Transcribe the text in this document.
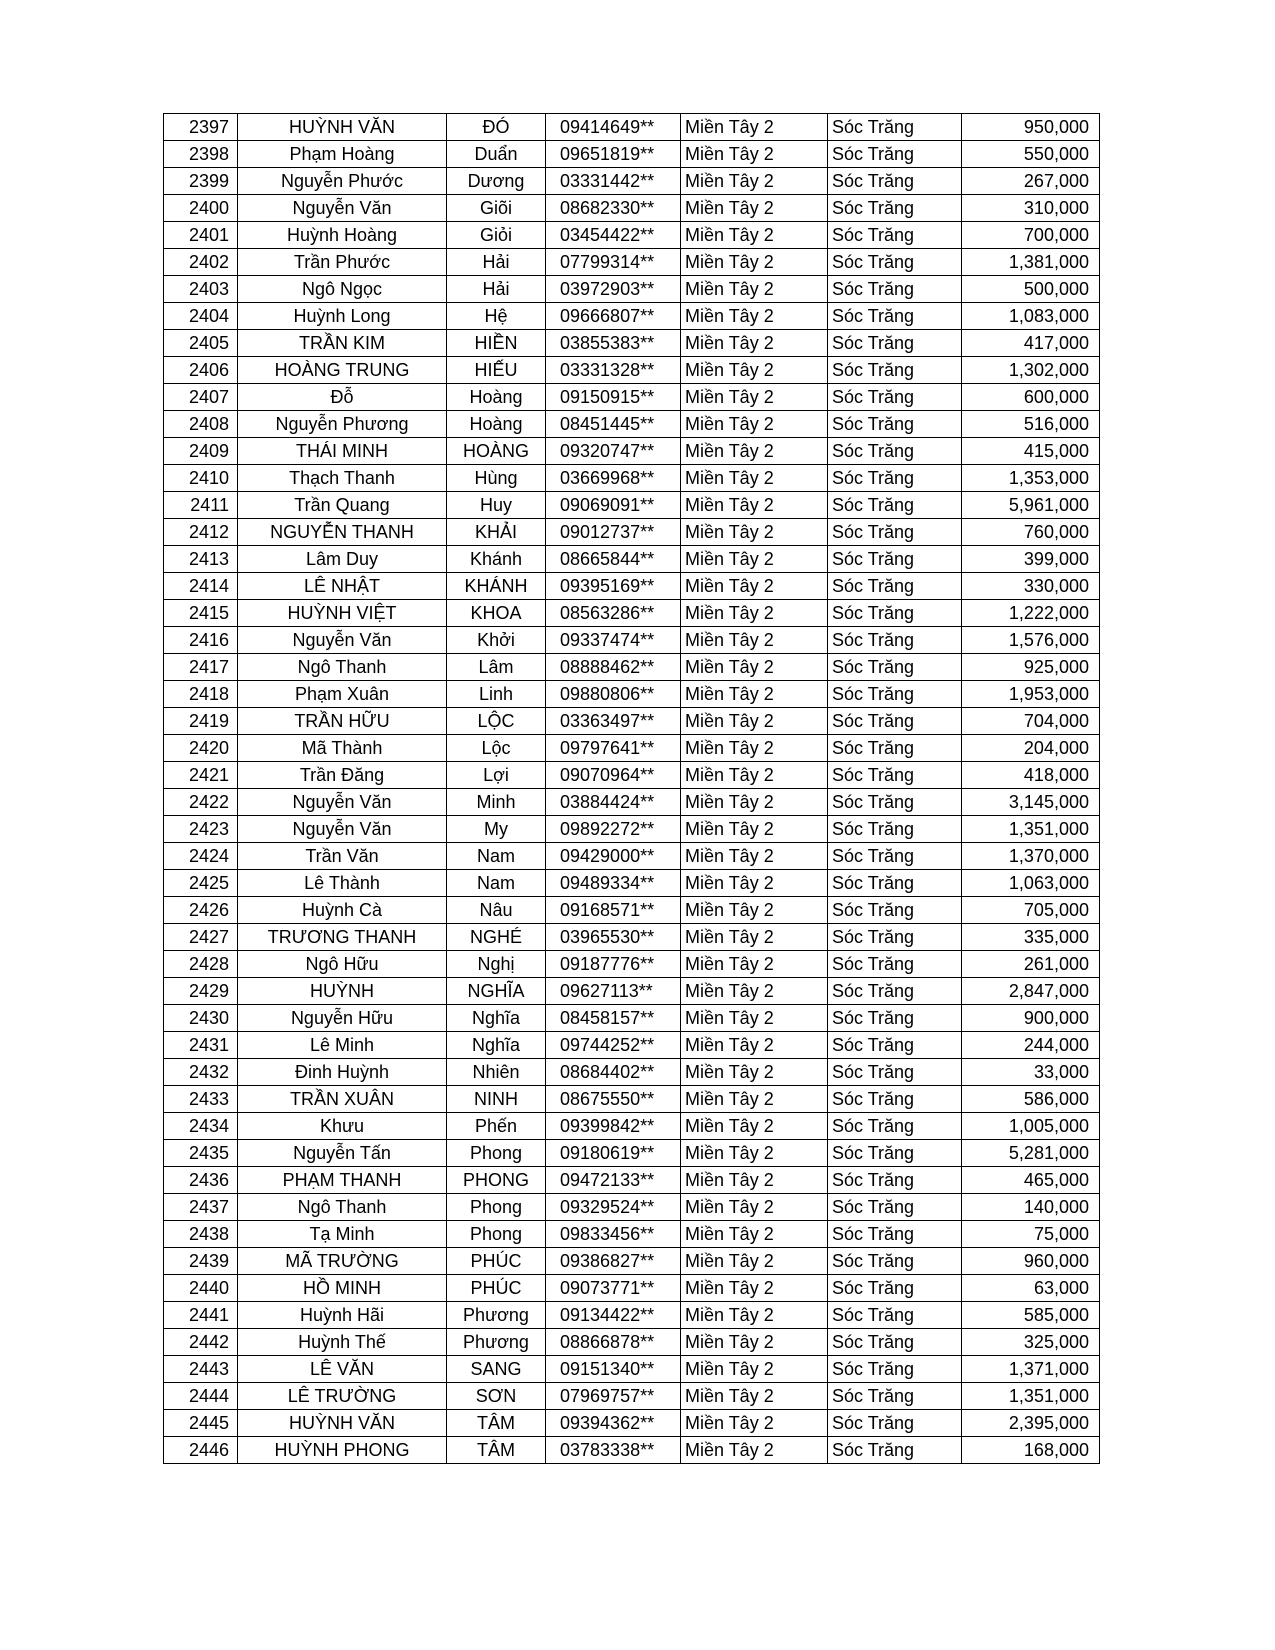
2397	HUỲNH VĂN	ĐÓ	09414649**	Miền Tây 2	Sóc Trăng	950,000
2398	Phạm Hoàng	Duẩn	09651819**	Miền Tây 2	Sóc Trăng	550,000
2399	Nguyễn Phước	Dương	03331442**	Miền Tây 2	Sóc Trăng	267,000
2400	Nguyễn Văn	Giõi	08682330**	Miền Tây 2	Sóc Trăng	310,000
2401	Huỳnh Hoàng	Giỏi	03454422**	Miền Tây 2	Sóc Trăng	700,000
2402	Trần Phước	Hải	07799314**	Miền Tây 2	Sóc Trăng	1,381,000
2403	Ngô Ngọc	Hải	03972903**	Miền Tây 2	Sóc Trăng	500,000
2404	Huỳnh Long	Hệ	09666807**	Miền Tây 2	Sóc Trăng	1,083,000
2405	TRẦN KIM	HIỀN	03855383**	Miền Tây 2	Sóc Trăng	417,000
2406	HOÀNG TRUNG	HIẾU	03331328**	Miền Tây 2	Sóc Trăng	1,302,000
2407	Đỗ	Hoàng	09150915**	Miền Tây 2	Sóc Trăng	600,000
2408	Nguyễn Phương	Hoàng	08451445**	Miền Tây 2	Sóc Trăng	516,000
2409	THÁI MINH	HOÀNG	09320747**	Miền Tây 2	Sóc Trăng	415,000
2410	Thạch Thanh	Hùng	03669968**	Miền Tây 2	Sóc Trăng	1,353,000
2411	Trần Quang	Huy	09069091**	Miền Tây 2	Sóc Trăng	5,961,000
2412	NGUYỄN THANH	KHẢI	09012737**	Miền Tây 2	Sóc Trăng	760,000
2413	Lâm Duy	Khánh	08665844**	Miền Tây 2	Sóc Trăng	399,000
2414	LÊ NHẬT	KHÁNH	09395169**	Miền Tây 2	Sóc Trăng	330,000
2415	HUỲNH VIỆT	KHOA	08563286**	Miền Tây 2	Sóc Trăng	1,222,000
2416	Nguyễn Văn	Khởi	09337474**	Miền Tây 2	Sóc Trăng	1,576,000
2417	Ngô Thanh	Lâm	08888462**	Miền Tây 2	Sóc Trăng	925,000
2418	Phạm Xuân	Linh	09880806**	Miền Tây 2	Sóc Trăng	1,953,000
2419	TRẦN HỮU	LỘC	03363497**	Miền Tây 2	Sóc Trăng	704,000
2420	Mã Thành	Lộc	09797641**	Miền Tây 2	Sóc Trăng	204,000
2421	Trần Đăng	Lợi	09070964**	Miền Tây 2	Sóc Trăng	418,000
2422	Nguyễn Văn	Minh	03884424**	Miền Tây 2	Sóc Trăng	3,145,000
2423	Nguyễn Văn	My	09892272**	Miền Tây 2	Sóc Trăng	1,351,000
2424	Trần Văn	Nam	09429000**	Miền Tây 2	Sóc Trăng	1,370,000
2425	Lê Thành	Nam	09489334**	Miền Tây 2	Sóc Trăng	1,063,000
2426	Huỳnh Cà	Nâu	09168571**	Miền Tây 2	Sóc Trăng	705,000
2427	TRƯƠNG THANH	NGHÉ	03965530**	Miền Tây 2	Sóc Trăng	335,000
2428	Ngô Hữu	Nghị	09187776**	Miền Tây 2	Sóc Trăng	261,000
2429	HUỲNH	NGHĨA	09627113**	Miền Tây 2	Sóc Trăng	2,847,000
2430	Nguyễn Hữu	Nghĩa	08458157**	Miền Tây 2	Sóc Trăng	900,000
2431	Lê Minh	Nghĩa	09744252**	Miền Tây 2	Sóc Trăng	244,000
2432	Đinh Huỳnh	Nhiên	08684402**	Miền Tây 2	Sóc Trăng	33,000
2433	TRẦN XUÂN	NINH	08675550**	Miền Tây 2	Sóc Trăng	586,000
2434	Khưu	Phến	09399842**	Miền Tây 2	Sóc Trăng	1,005,000
2435	Nguyễn Tấn	Phong	09180619**	Miền Tây 2	Sóc Trăng	5,281,000
2436	PHẠM THANH	PHONG	09472133**	Miền Tây 2	Sóc Trăng	465,000
2437	Ngô Thanh	Phong	09329524**	Miền Tây 2	Sóc Trăng	140,000
2438	Tạ Minh	Phong	09833456**	Miền Tây 2	Sóc Trăng	75,000
2439	MÃ TRƯỜNG	PHÚC	09386827**	Miền Tây 2	Sóc Trăng	960,000
2440	HỒ MINH	PHÚC	09073771**	Miền Tây 2	Sóc Trăng	63,000
2441	Huỳnh Hãi	Phương	09134422**	Miền Tây 2	Sóc Trăng	585,000
2442	Huỳnh Thế	Phương	08866878**	Miền Tây 2	Sóc Trăng	325,000
2443	LÊ VĂN	SANG	09151340**	Miền Tây 2	Sóc Trăng	1,371,000
2444	LÊ TRƯỜNG	SƠN	07969757**	Miền Tây 2	Sóc Trăng	1,351,000
2445	HUỲNH VĂN	TÂM	09394362**	Miền Tây 2	Sóc Trăng	2,395,000
2446	HUỲNH PHONG	TÂM	03783338**	Miền Tây 2	Sóc Trăng	168,000
